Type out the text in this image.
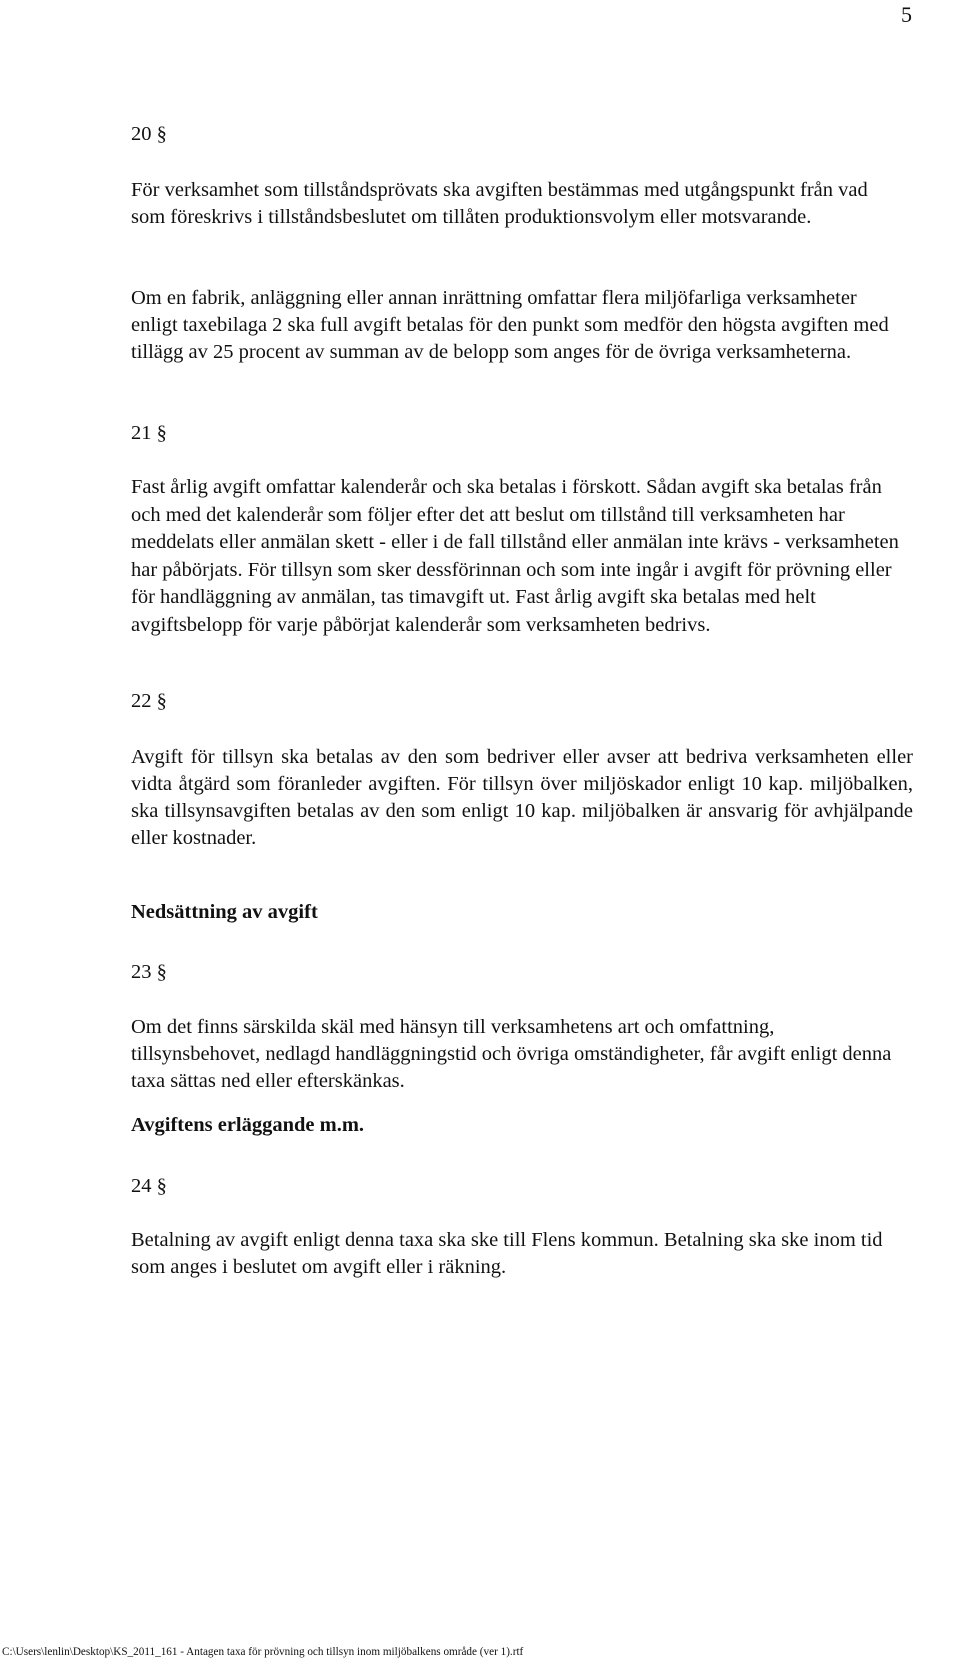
5
20 §

För verksamhet som tillståndsprövats ska avgiften bestämmas med utgångspunkt från vad som föreskrivs i tillståndsbeslutet om tillåten produktionsvolym eller motsvarande.

Om en fabrik, anläggning eller annan inrättning omfattar flera miljöfarliga verksamheter enligt taxebilaga 2 ska full avgift betalas för den punkt som medför den högsta avgiften med tillägg av 25 procent av summan av de belopp som anges för de övriga verksamheterna.

21 §

Fast årlig avgift omfattar kalenderår och ska betalas i förskott. Sådan avgift ska betalas från och med det kalenderår som följer efter det att beslut om tillstånd till verksamheten har meddelats eller anmälan skett - eller i de fall tillstånd eller anmälan inte krävs - verksamheten har påbörjats. För tillsyn som sker dessförinnan och som inte ingår i avgift för prövning eller för handläggning av anmälan, tas timavgift ut. Fast årlig avgift ska betalas med helt avgiftsbelopp för varje påbörjat kalenderår som verksamheten bedrivs.

22 §

Avgift för tillsyn ska betalas av den som bedriver eller avser att bedriva verksamheten eller vidta åtgärd som föranleder avgiften. För tillsyn över miljöskador enligt 10 kap. miljöbalken, ska tillsynsavgiften betalas av den som enligt 10 kap. miljöbalken är ansvarig för avhjälpande eller kostnader.

Nedsättning av avgift
23 §

Om det finns särskilda skäl med hänsyn till verksamhetens art och omfattning, tillsynsbehovet, nedlagd handläggningstid och övriga omständigheter, får avgift enligt denna taxa sättas ned eller efterskänkas.

Avgiftens erläggande m.m.
24 §

Betalning av avgift enligt denna taxa ska ske till Flens kommun. Betalning ska ske inom tid som anges i beslutet om avgift eller i räkning.

C:\Users\lenlin\Desktop\KS_2011_161 - Antagen taxa för prövning och tillsyn inom miljöbalkens område (ver 1).rtf
